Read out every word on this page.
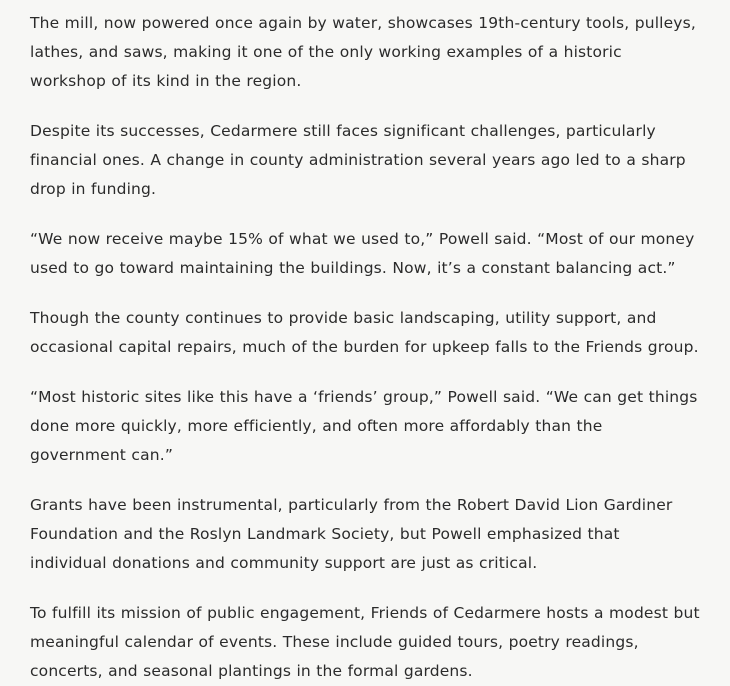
The mill, now powered once again by water, showcases 19th-century tools, pulleys, lathes, and saws, making it one of the only working examples of a historic workshop of its kind in the region.

Despite its successes, Cedarmere still faces significant challenges, particularly financial ones. A change in county administration several years ago led to a sharp drop in funding.

“We now receive maybe 15% of what we used to,” Powell said. “Most of our money used to go toward maintaining the buildings. Now, it’s a constant balancing act.”

Though the county continues to provide basic landscaping, utility support, and occasional capital repairs, much of the burden for upkeep falls to the Friends group.

“Most historic sites like this have a ‘friends’ group,” Powell said. “We can get things done more quickly, more efficiently, and often more affordably than the government can.”

Grants have been instrumental, particularly from the Robert David Lion Gardiner Foundation and the Roslyn Landmark Society, but Powell emphasized that individual donations and community support are just as critical.

To fulfill its mission of public engagement, Friends of Cedarmere hosts a modest but meaningful calendar of events. These include guided tours, poetry readings, concerts, and seasonal plantings in the formal gardens.
